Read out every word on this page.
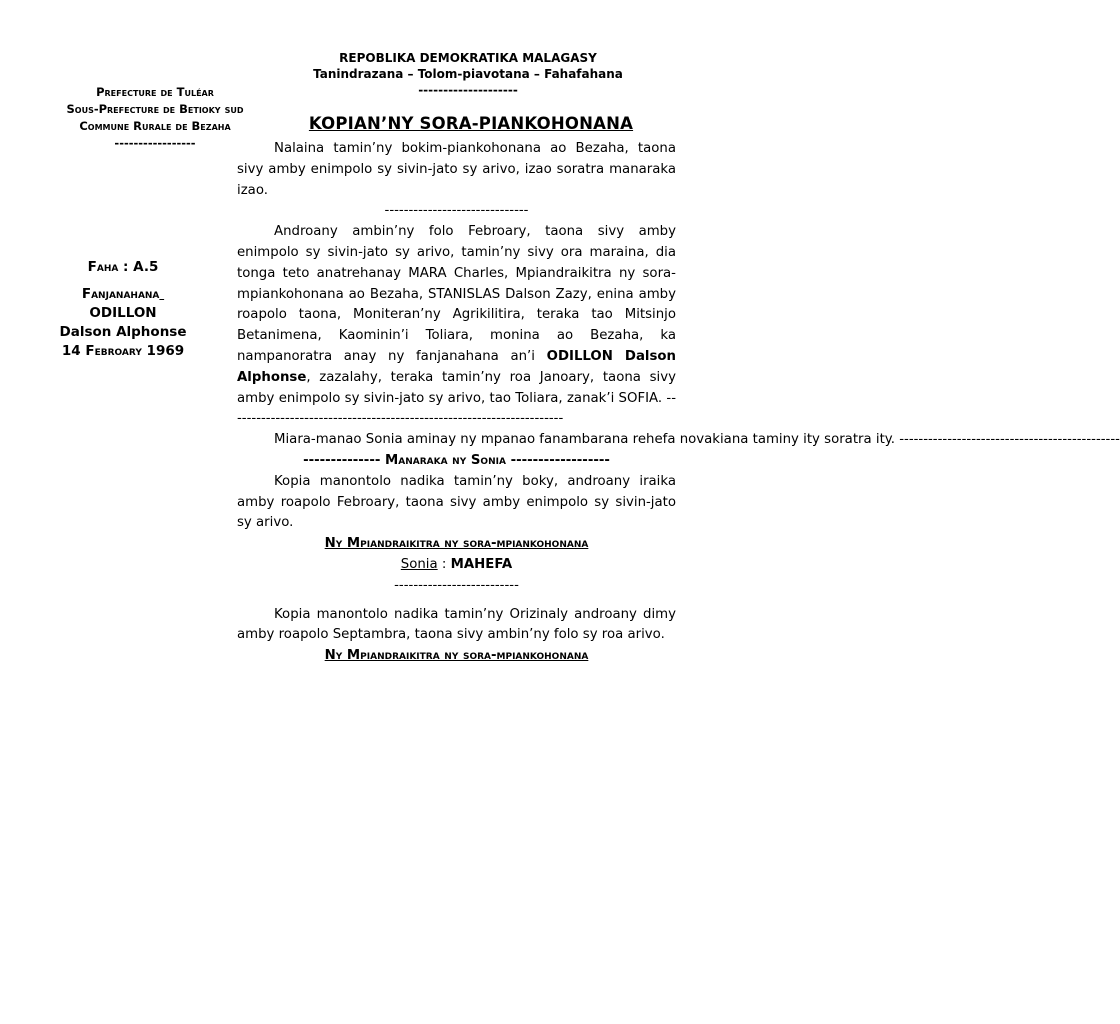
REPOBLIKA DEMOKRATIKA MALAGASY
Tanindrazana – Tolom-piavotana – Fahafahana
--------------------
Prefecture de Tuléar
Sous-Prefecture de Betioky sud
Commune Rurale de Bezaha
-----------------
Faha : A.5
Fanjanahana
ODILLON
Dalson Alphonse
14 Febroary 1969
KOPIAN’NY SORA-PIANKOHONANA

Nalaina tamin’ny bokim-piankohonana ao Bezaha, taona sivy amby enimpolo sy sivin-jato sy arivo, izao soratra manaraka izao.

------------------------------

Androany ambin’ny folo Febroary, taona sivy amby enimpolo sy sivin-jato sy arivo, tamin’ny sivy ora maraina, dia tonga teto anatrehanay MARA Charles, Mpiandraikitra ny sora-mpiankohonana ao Bezaha, STANISLAS Dalson Zazy, enina amby roapolo taona, Moniteran’ny Agrikilitira, teraka tao Mitsinjo Betanimena, Kaominin’i Toliara, monina ao Bezaha, ka nampanoratra anay ny fanjanahana an’i ODILLON Dalson Alphonse, zazalahy, teraka tamin’ny roa Janoary, taona sivy amby enimpolo sy sivin-jato sy arivo, tao Toliara, zanak’i SOFIA. ----------------------------------------------------------------------

Miara-manao Sonia aminay ny mpanao fanambarana rehefa novakiana taminy ity soratra ity. ----------------------------------------------

-------------- Manaraka ny Sonia ------------------

Kopia manontolo nadika tamin’ny boky, androany iraika amby roapolo Febroary, taona sivy amby enimpolo sy sivin-jato sy arivo.

Ny Mpiandraikitra ny sora-mpiankohonana

Sonia : MAHEFA

--------------------------

Kopia manontolo nadika tamin’ny Orizinaly androany dimy amby roapolo Septambra, taona sivy ambin’ny folo sy roa arivo.

Ny Mpiandraikitra ny sora-mpiankohonana
